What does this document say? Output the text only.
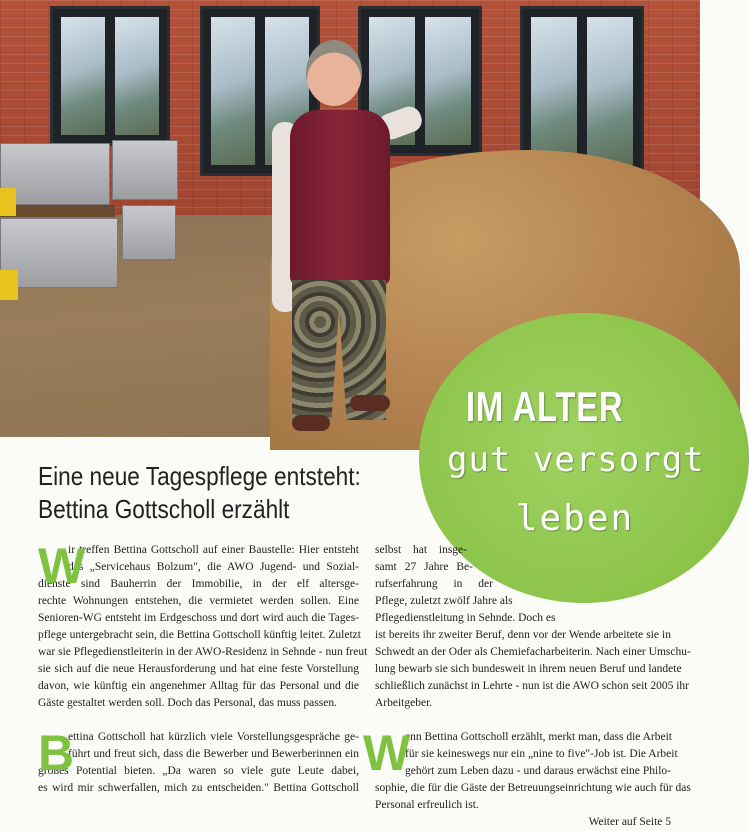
IM ALTER
gut versorgt
leben
Eine neue Tagespflege entsteht:
Bettina Gottscholl erzählt
W
ir treffen Bettina Gottscholl auf einer Baustelle: Hier entsteht
das „Servicehaus Bolzum", die AWO Jugend- und Sozial-
dienste sind Bauherrin der Immobilie, in der elf altersge-
rechte Wohnungen entstehen, die vermietet werden sollen. Eine
Senioren-WG entsteht im Erdgeschoss und dort wird auch die Tages-
pflege untergebracht sein, die Bettina Gottscholl künftig leitet. Zuletzt
war sie Pflegedienstleiterin in der AWO-Residenz in Sehnde - nun freut
sie sich auf die neue Herausforderung und hat eine feste Vorstellung
davon, wie künftig ein angenehmer Alltag für das Personal und die
Gäste gestaltet werden soll. Doch das Personal, das muss passen.
B
ettina Gottscholl hat kürzlich viele Vorstellungsgespräche ge-
führt und freut sich, dass die Bewerber und Bewerberinnen ein
großes Potential bieten. „Da waren so viele gute Leute dabei,
es wird mir schwerfallen, mich zu entscheiden." Bettina Gottscholl
selbst hat insge-
samt 27 Jahre Be-
rufserfahrung in der
Pflege, zuletzt zwölf Jahre als
Pflegedienstleitung in Sehnde. Doch es
ist bereits ihr zweiter Beruf, denn vor der Wende arbeitete sie in
Schwedt an der Oder als Chemiefacharbeiterin. Nach einer Umschu-
lung bewarb sie sich bundesweit in ihrem neuen Beruf und landete
schließlich zunächst in Lehrte - nun ist die AWO schon seit 2005 ihr
Arbeitgeber.
W
enn Bettina Gottscholl erzählt, merkt man, dass die Arbeit
für sie keineswegs nur ein „nine to five"-Job ist. Die Arbeit
gehört zum Leben dazu - und daraus erwächst eine Philo-
sophie, die für die Gäste der Betreuungseinrichtung wie auch für das
Personal erfreulich ist.
Weiter auf Seite 5
